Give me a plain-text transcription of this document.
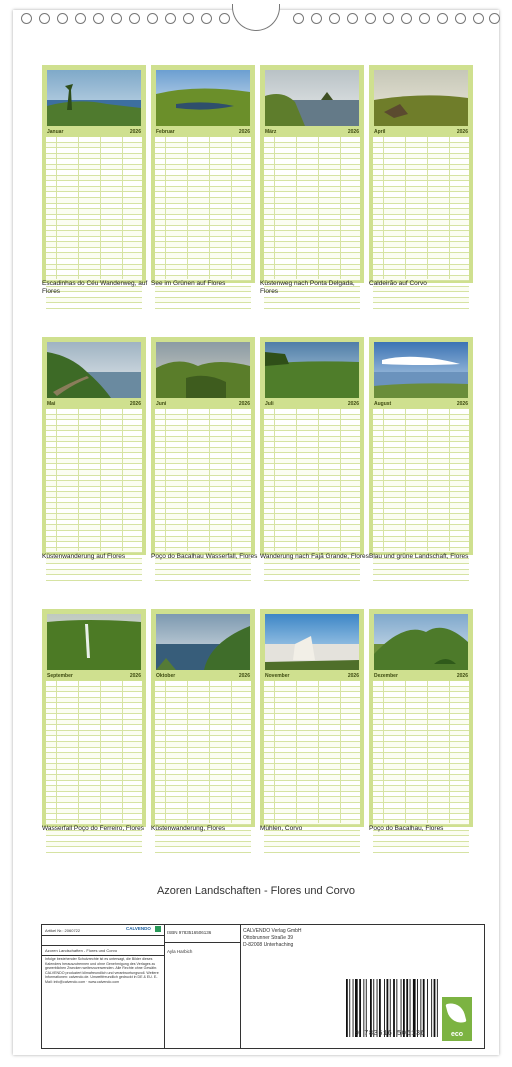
Januar	2026
Escadinhas do Céu Wanderweg, auf Flores
Februar	2026
See im Grünen auf Flores
März	2026
Küstenweg nach Ponta Delgada, Flores
April	2026
Caldeirão auf Corvo
Mai	2026
Küstenwanderung auf Flores
Juni	2026
Poço do Bacalhau Wasserfall, Flores
Juli	2026
Wanderung nach Fajã Grande, Flores
August	2026
Blau und grüne Landschaft, Flores
September	2026
Wasserfall Poço do Ferreiro, Flores
Oktober	2026
Küstenwanderung, Flores
November	2026
Mühlen, Corvo
Dezember	2026
Poço do Bacalhau, Flores
Azoren Landschaften - Flores und Corvo
Artikel Nr.: 2060722	CALVENDO
Azoren Landschaften - Flores und Corvo
Infolge bestehender Schutzrechte ist es untersagt, die Bilder dieses Kalenders herauszutrennen und ohne Genehmigung des Verlages zu gewerblichen Zwecken weiterzuverwenden. Alle Rechte ohne Gewähr. CALVENDO produziert klimafreundlich und verantwortungsvoll. Weitere Informationen: calvendo.de. Umweltfreundlich gedruckt in DE & EU. E-Mail: info@calvendo.com · www.calvendo.com
ISBN 9783516506136
Ayla Harbich
CALVENDO Verlag GmbH
Ottobrunner Straße 39
D-82008 Unterhaching
9 783516 506136	eco
